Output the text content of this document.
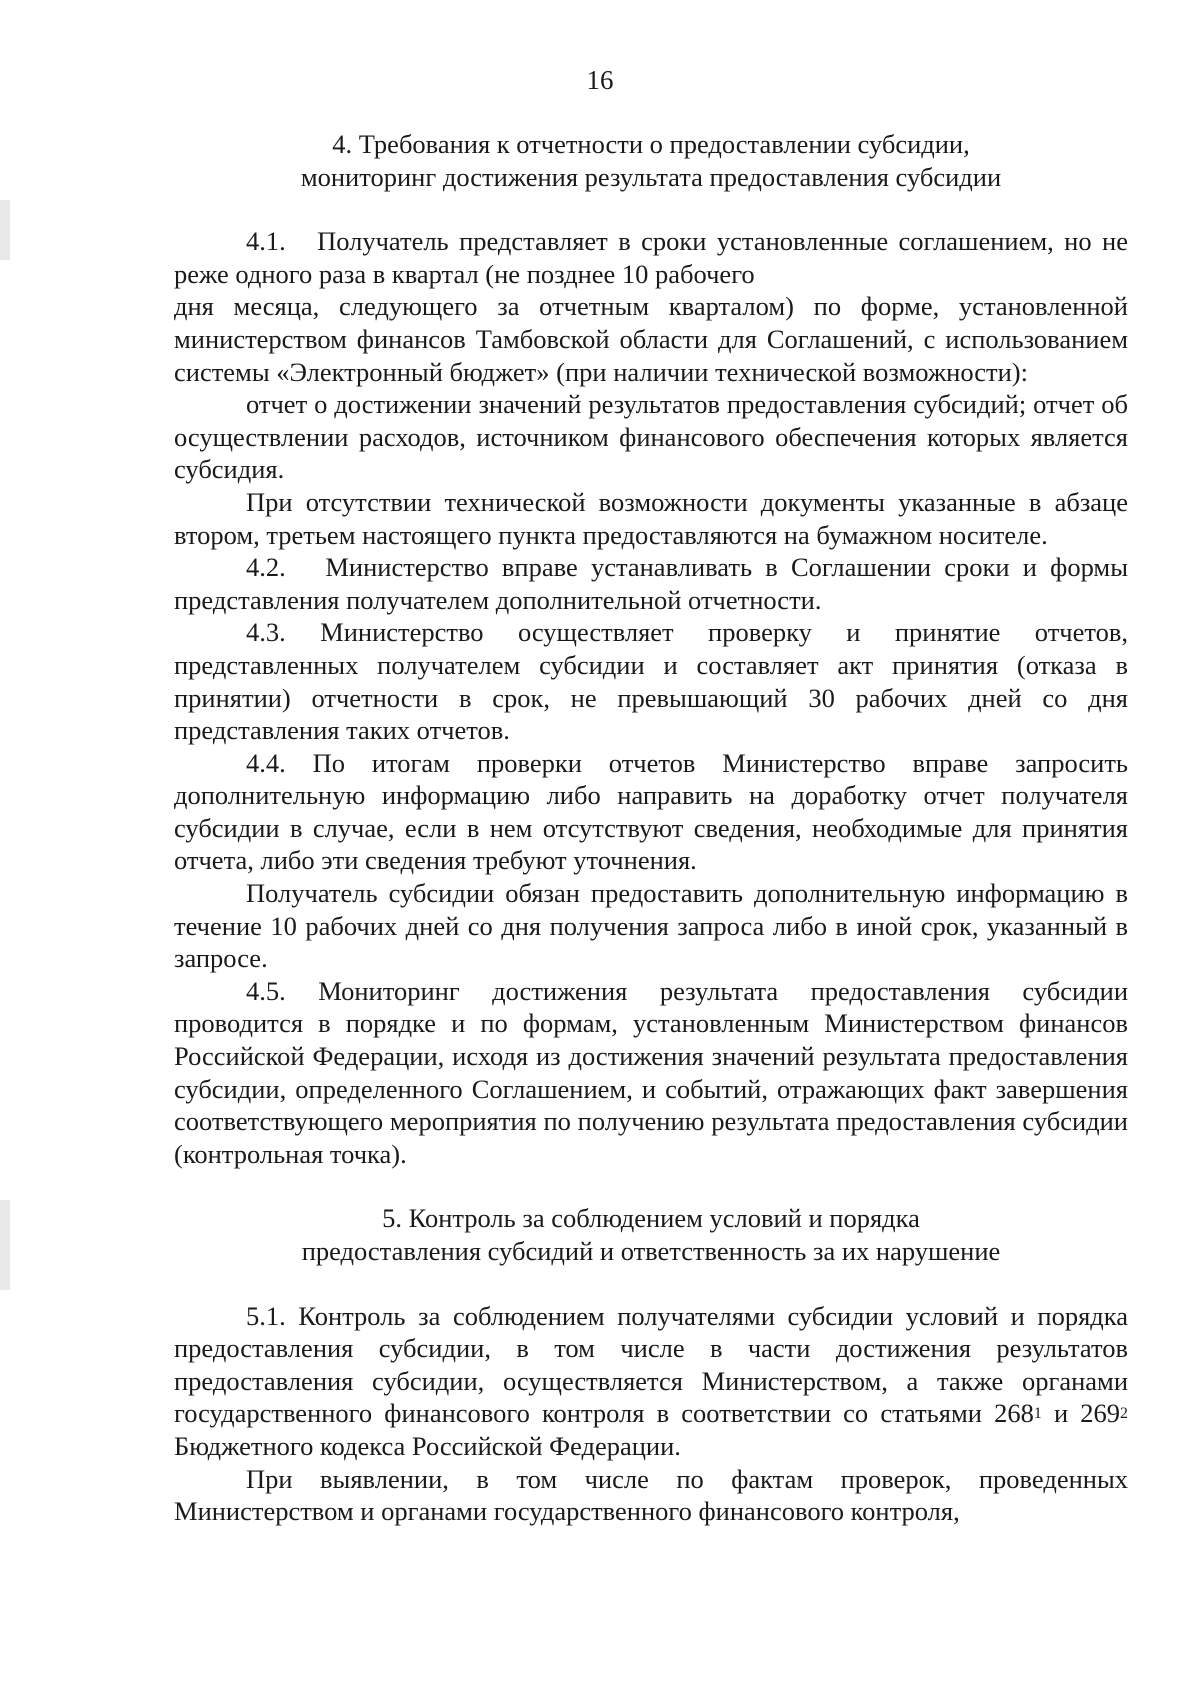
16

4. Требования к отчетности о предоставлении субсидии,
мониторинг достижения результата предоставления субсидии

4.1. Получатель представляет в сроки установленные соглашением, но не реже одного раза в квартал (не позднее 10 рабочего

дня месяца, следующего за отчетным кварталом) по форме, установленной министерством финансов Тамбовской области для Соглашений, с использованием системы «Электронный бюджет» (при наличии технической возможности):

отчет о достижении значений результатов предоставления субсидий; отчет об осуществлении расходов, источником финансового обеспечения которых является субсидия.

При отсутствии технической возможности документы указанные в абзаце втором, третьем настоящего пункта предоставляются на бумажном носителе.

4.2. Министерство вправе устанавливать в Соглашении сроки и формы представления получателем дополнительной отчетности.

4.3. Министерство осуществляет проверку и принятие отчетов, представленных получателем субсидии и составляет акт принятия (отказа в принятии) отчетности в срок, не превышающий 30 рабочих дней со дня представления таких отчетов.

4.4. По итогам проверки отчетов Министерство вправе запросить дополнительную информацию либо направить на доработку отчет получателя субсидии в случае, если в нем отсутствуют сведения, необходимые для принятия отчета, либо эти сведения требуют уточнения.

Получатель субсидии обязан предоставить дополнительную информацию в течение 10 рабочих дней со дня получения запроса либо в иной срок, указанный в запросе.

4.5. Мониторинг достижения результата предоставления субсидии проводится в порядке и по формам, установленным Министерством финансов Российской Федерации, исходя из достижения значений результата предоставления субсидии, определенного Соглашением, и событий, отражающих факт завершения соответствующего мероприятия по получению результата предоставления субсидии (контрольная точка).

5. Контроль за соблюдением условий и порядка
предоставления субсидий и ответственность за их нарушение

5.1. Контроль за соблюдением получателями субсидии условий и порядка предоставления субсидии, в том числе в части достижения результатов предоставления субсидии, осуществляется Министерством, а также органами государственного финансового контроля в соответствии со статьями $268^1$ и $269^2$ Бюджетного кодекса Российской Федерации.

При выявлении, в том числе по фактам проверок, проведенных Министерством и органами государственного финансового контроля,
